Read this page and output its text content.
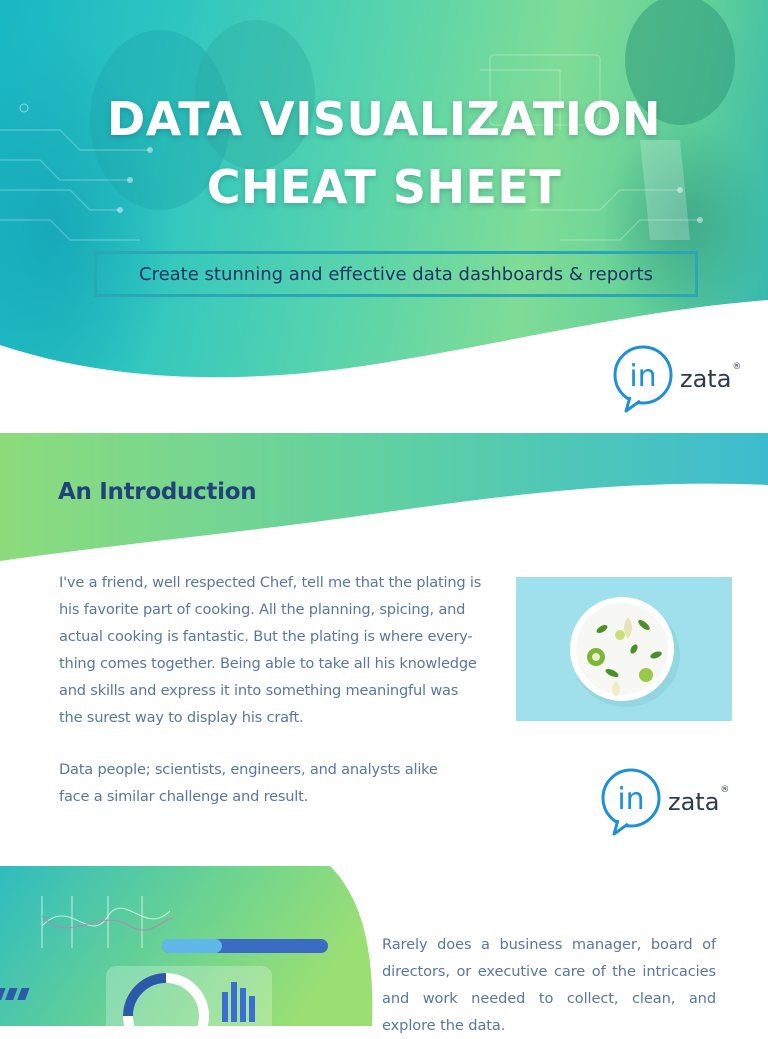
DATA VISUALIZATION
CHEAT SHEET
Create stunning and effective data dashboards & reports
in zata ®
An Introduction
I've a friend, well respected Chef, tell me that the plating is
his favorite part of cooking. All the planning, spicing, and
actual cooking is fantastic. But the plating is where every-
thing comes together. Being able to take all his knowledge
and skills and express it into something meaningful was
the surest way to display his craft.
Data people; scientists, engineers, and analysts alike
face a similar challenge and result.	in zata ®
Rarely does a business manager, board of
directors, or executive care of the intricacies
and work needed to collect, clean, and
explore the data.
